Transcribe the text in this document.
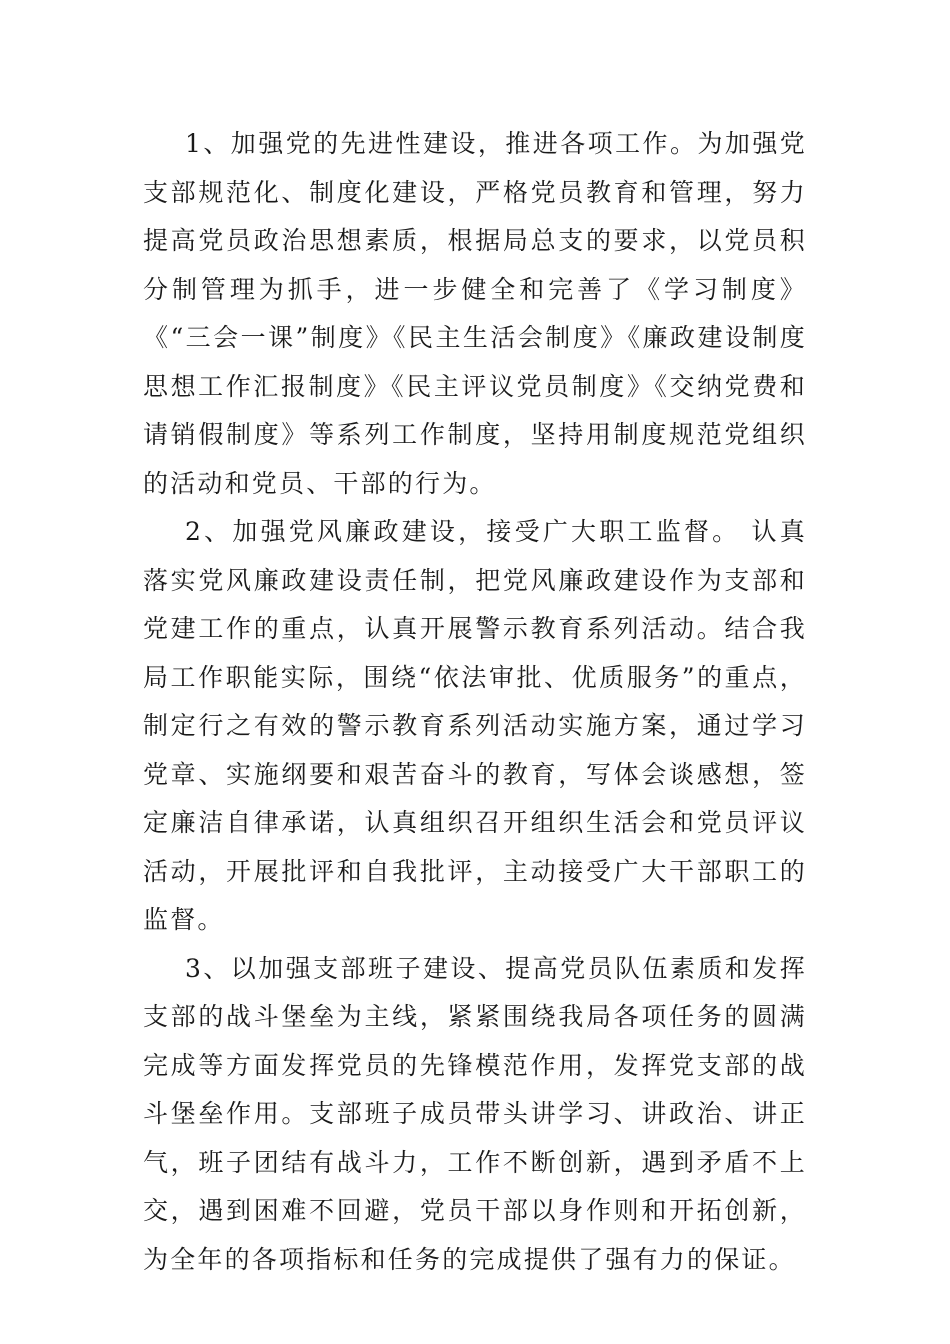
1、加强党的先进性建设，推进各项工作。为加强党支部规范化、制度化建设，严格党员教育和管理，努力提高党员政治思想素质，根据局总支的要求，以党员积分制管理为抓手，进一步健全和完善了《学习制度》《“三会一课”制度》《民主生活会制度》《廉政建设制度思想工作汇报制度》《民主评议党员制度》《交纳党费和请销假制度》等系列工作制度，坚持用制度规范党组织的活动和党员、干部的行为。

2、加强党风廉政建设，接受广大职工监督。 认真落实党风廉政建设责任制，把党风廉政建设作为支部和党建工作的重点，认真开展警示教育系列活动。结合我局工作职能实际，围绕“依法审批、优质服务”的重点，制定行之有效的警示教育系列活动实施方案，通过学习党章、实施纲要和艰苦奋斗的教育，写体会谈感想，签定廉洁自律承诺，认真组织召开组织生活会和党员评议活动，开展批评和自我批评，主动接受广大干部职工的监督。

3、以加强支部班子建设、提高党员队伍素质和发挥支部的战斗堡垒为主线，紧紧围绕我局各项任务的圆满完成等方面发挥党员的先锋模范作用，发挥党支部的战斗堡垒作用。支部班子成员带头讲学习、讲政治、讲正气，班子团结有战斗力，工作不断创新，遇到矛盾不上交，遇到困难不回避，党员干部以身作则和开拓创新，为全年的各项指标和任务的完成提供了强有力的保证。
